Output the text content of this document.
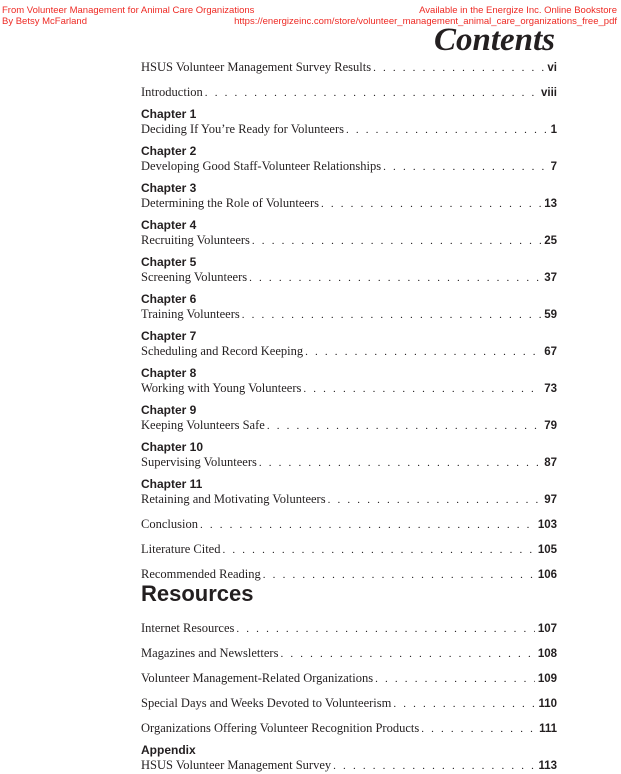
From Volunteer Management for Animal Care Organizations
By Betsy McFarland
Available in the Energize Inc. Online Bookstore
https://energizeinc.com/store/volunteer_management_animal_care_organizations_free_pdf
Contents
HSUS Volunteer Management Survey Results . . .	vi
Introduction . . .	viii
Chapter 1
Deciding If You’re Ready for Volunteers . . .	1
Chapter 2
Developing Good Staff-Volunteer Relationships . . .	7
Chapter 3
Determining the Role of Volunteers . . .	13
Chapter 4
Recruiting Volunteers . . .	25
Chapter 5
Screening Volunteers . . .	37
Chapter 6
Training Volunteers . . .	59
Chapter 7
Scheduling and Record Keeping . . .	67
Chapter 8
Working with Young Volunteers . . .	73
Chapter 9
Keeping Volunteers Safe . . .	79
Chapter 10
Supervising Volunteers . . .	87
Chapter 11
Retaining and Motivating Volunteers . . .	97
Conclusion . . .	103
Literature Cited . . .	105
Recommended Reading . . .	106
Resources
Internet Resources . . .	107
Magazines and Newsletters . . .	108
Volunteer Management-Related Organizations . . .	109
Special Days and Weeks Devoted to Volunteerism . . .	110
Organizations Offering Volunteer Recognition Products . . .	111
Appendix
HSUS Volunteer Management Survey . . .	113
